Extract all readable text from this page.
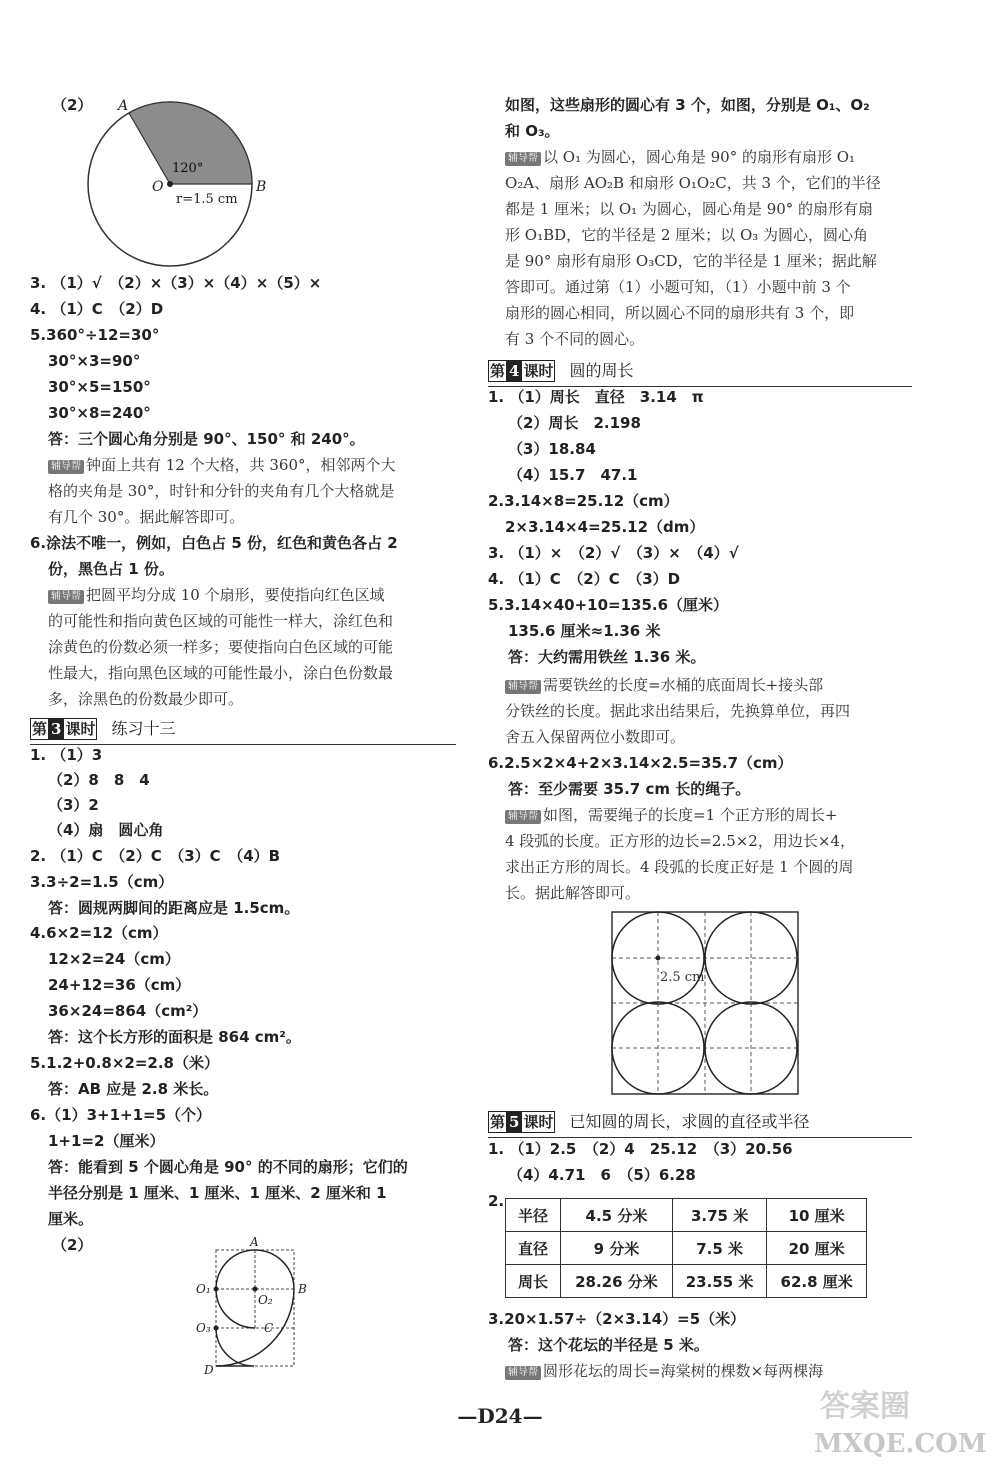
（2） A
O	B
120°
r=1.5 cm
3. （1）√　（2）×（3）×（4）×（5）×
4. （1）C　（2）D
5.360°÷12=30°
30°×3=90°
30°×5=150°
30°×8=240°
答：三个圆心角分别是 90°、150° 和 240°。
辅导帮 钟面上共有 12 个大格，共 360°，相邻两个大
格的夹角是 30°，时针和分针的夹角有几个大格就是
有几个 30°。据此解答即可。
6.涂法不唯一，例如，白色占 5 份，红色和黄色各占 2
份，黑色占 1 份。
辅导帮 把圆平均分成 10 个扇形，要使指向红色区域
的可能性和指向黄色区域的可能性一样大，涂红色和
涂黄色的份数必须一样多；要使指向白色区域的可能
性最大，指向黑色区域的可能性最小，涂白色份数最
多，涂黑色的份数最少即可。
第 3 课时 练习十三
1. （1）3
（2）8　8　4
（3）2
（4）扇　圆心角
2. （1）C　（2）C　（3）C　（4）B
3.3÷2=1.5（cm）
答：圆规两脚间的距离应是 1.5cm。
4.6×2=12（cm）
12×2=24（cm）
24+12=36（cm）
36×24=864（cm²）
答：这个长方形的面积是 864 cm²。
5.1.2+0.8×2=2.8（米）
答：AB 应是 2.8 米长。
6.（1）3+1+1=5（个）
1+1=2（厘米）
答：能看到 5 个圆心角是 90° 的不同的扇形；它们的
半径分别是 1 厘米、1 厘米、1 厘米、2 厘米和 1
厘米。
（2）	A
B
C
D
O₁
O₂
O₃
如图，这些扇形的圆心有 3 个，如图，分别是 O₁、O₂
和 O₃。
辅导帮 以 O₁ 为圆心，圆心角是 90° 的扇形有扇形 O₁
O₂A、扇形 AO₂B 和扇形 O₁O₂C，共 3 个，它们的半径
都是 1 厘米；以 O₁ 为圆心，圆心角是 90° 的扇形有扇
形 O₁BD，它的半径是 2 厘米；以 O₃ 为圆心，圆心角
是 90° 扇形有扇形 O₃CD，它的半径是 1 厘米；据此解
答即可。通过第（1）小题可知，（1）小题中前 3 个
扇形的圆心相同，所以圆心不同的扇形共有 3 个，即
有 3 个不同的圆心。
第 4 课时 圆的周长
1. （1）周长　直径　3.14　π
（2）周长　2.198
（3）18.84
（4）15.7　47.1
2.3.14×8=25.12（cm）
2×3.14×4=25.12（dm）
3. （1）×　（2）√　（3）×　（4）√
4. （1）C　（2）C　（3）D
5.3.14×40+10=135.6（厘米）
135.6 厘米≈1.36 米
答：大约需用铁丝 1.36 米。
辅导帮 需要铁丝的长度=水桶的底面周长+接头部
分铁丝的长度。据此求出结果后，先换算单位，再四
舍五入保留两位小数即可。
6.2.5×2×4+2×3.14×2.5=35.7（cm）
答：至少需要 35.7 cm 长的绳子。
辅导帮 如图，需要绳子的长度=1 个正方形的周长+
4 段弧的长度。正方形的边长=2.5×2，用边长×4，
求出正方形的周长。4 段弧的长度正好是 1 个圆的周
长。据此解答即可。
2.5 cm
第 5 课时 已知圆的周长，求圆的直径或半径
1. （1）2.5　（2）4　25.12　（3）20.56
（4）4.71　6　（5）6.28
2.
半径	4.5 分米	3.75 米	10 厘米
直径	9 分米	7.5 米	20 厘米
周长	28.26 分米	23.55 米	62.8 厘米
3.20×1.57÷（2×3.14）=5（米）
答：这个花坛的半径是 5 米。
辅导帮 圆形花坛的周长=海棠树的棵数×每两棵海
—D24—	答案圈
MXQE.COM
